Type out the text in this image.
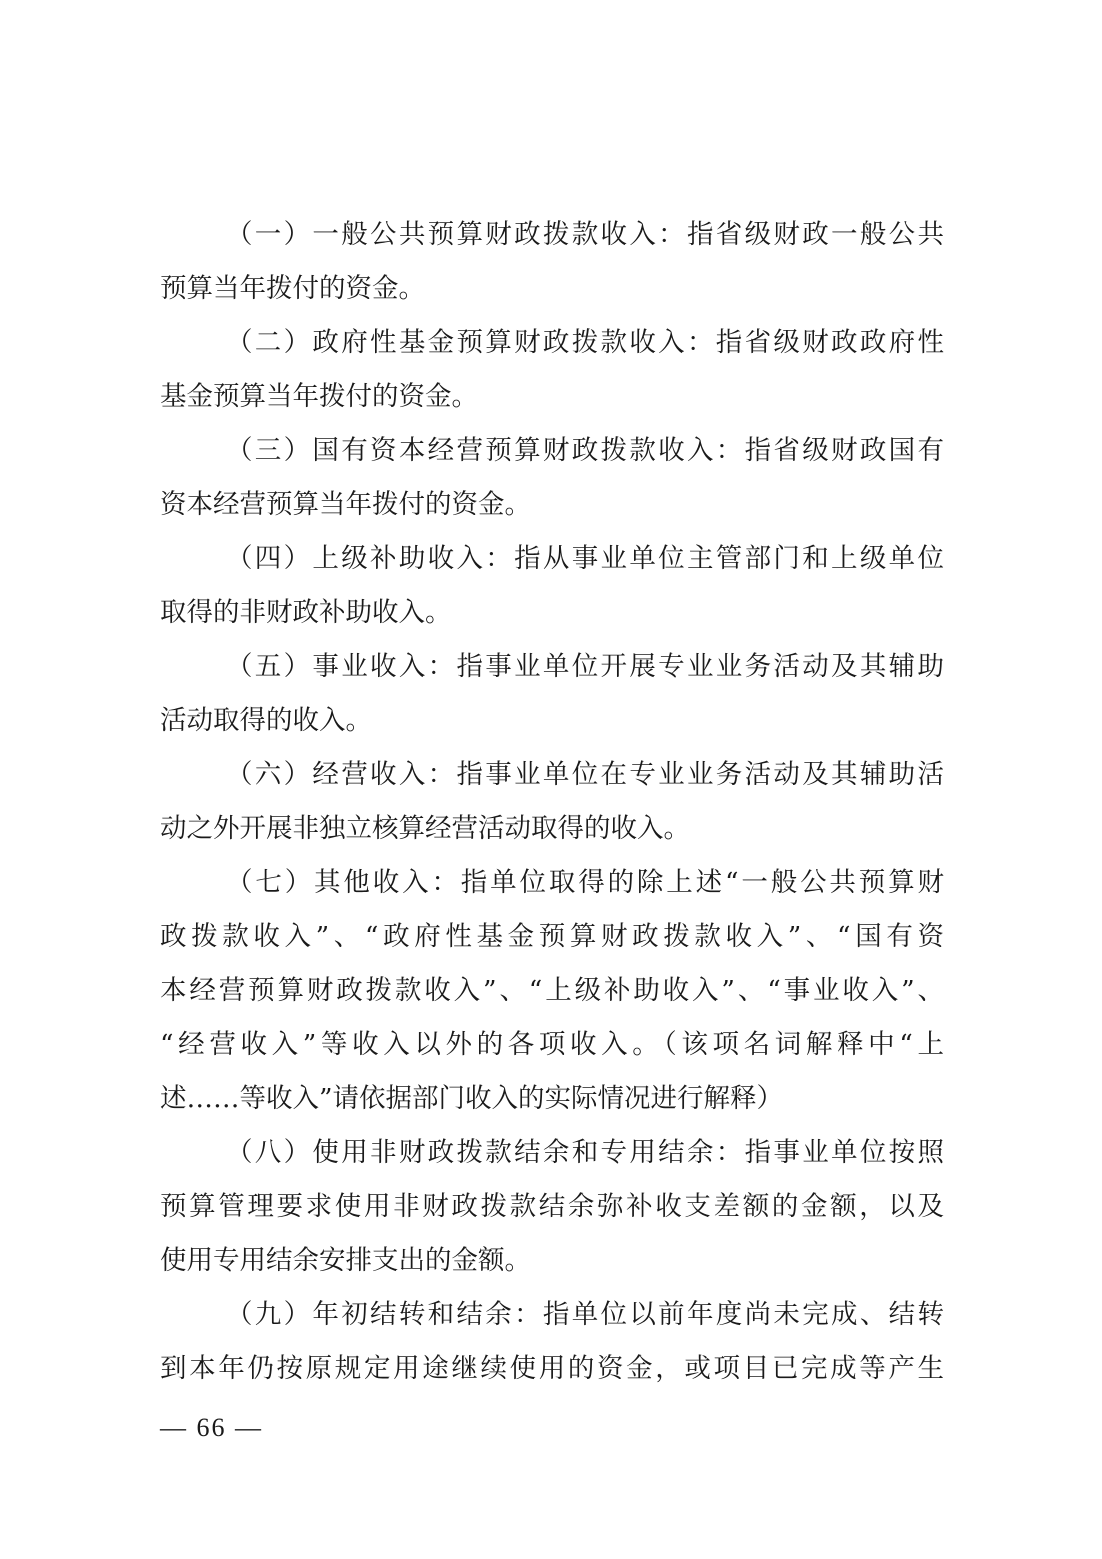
（一）一般公共预算财政拨款收入：指省级财政一般公共
预算当年拨付的资金。
（二）政府性基金预算财政拨款收入：指省级财政政府性
基金预算当年拨付的资金。
（三）国有资本经营预算财政拨款收入：指省级财政国有
资本经营预算当年拨付的资金。
（四）上级补助收入：指从事业单位主管部门和上级单位
取得的非财政补助收入。
（五）事业收入：指事业单位开展专业业务活动及其辅助
活动取得的收入。
（六）经营收入：指事业单位在专业业务活动及其辅助活
动之外开展非独立核算经营活动取得的收入。
（七）其他收入：指单位取得的除上述“一般公共预算财
政拨款收入”、“政府性基金预算财政拨款收入”、“国有资
本经营预算财政拨款收入”、“上级补助收入”、“事业收入”、
“经营收入”等收入以外的各项收入。（该项名词解释中“上
述……等收入”请依据部门收入的实际情况进行解释）
（八）使用非财政拨款结余和专用结余：指事业单位按照
预算管理要求使用非财政拨款结余弥补收支差额的金额，以及
使用专用结余安排支出的金额。
（九）年初结转和结余：指单位以前年度尚未完成、结转
到本年仍按原规定用途继续使用的资金，或项目已完成等产生
— 66 —
